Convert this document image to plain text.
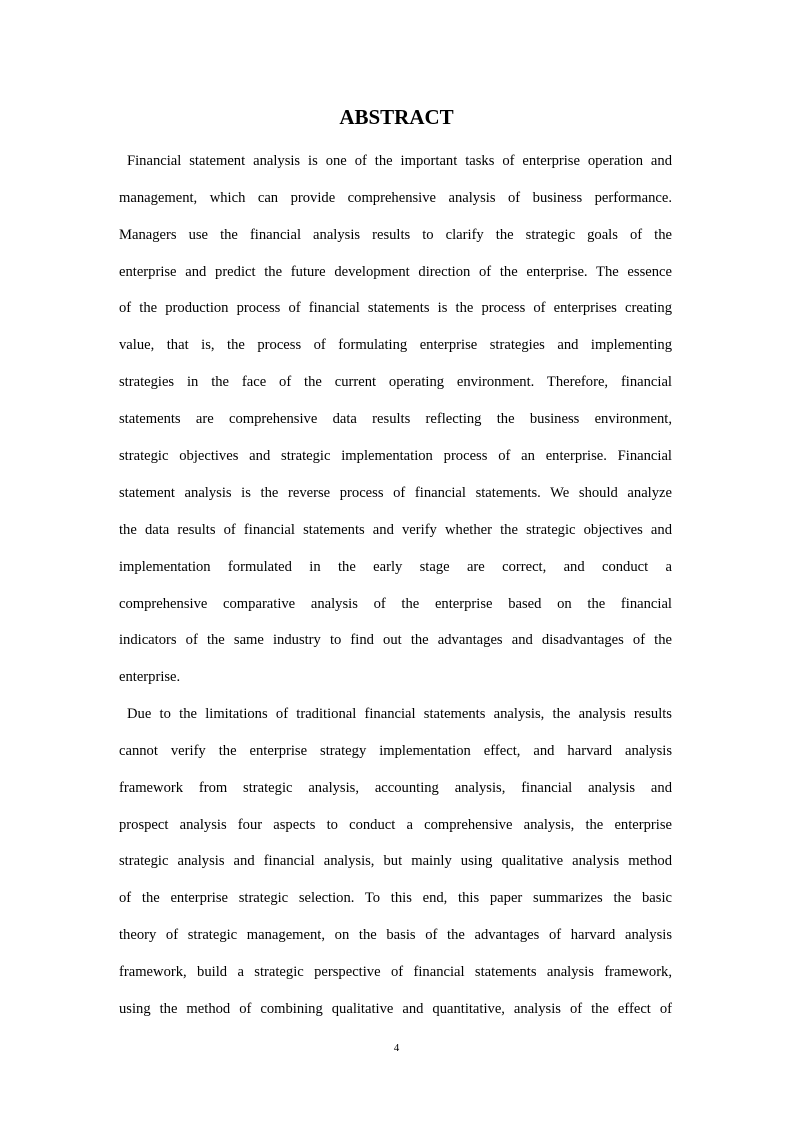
ABSTRACT
Financial statement analysis is one of the important tasks of enterprise operation and
management, which can provide comprehensive analysis of business performance.
Managers use the financial analysis results to clarify the strategic goals of the
enterprise and predict the future development direction of the enterprise. The essence
of the production process of financial statements is the process of enterprises creating
value, that is, the process of formulating enterprise strategies and implementing
strategies in the face of the current operating environment. Therefore, financial
statements are comprehensive data results reflecting the business environment,
strategic objectives and strategic implementation process of an enterprise. Financial
statement analysis is the reverse process of financial statements. We should analyze
the data results of financial statements and verify whether the strategic objectives and
implementation formulated in the early stage are correct, and conduct a
comprehensive comparative analysis of the enterprise based on the financial
indicators of the same industry to find out the advantages and disadvantages of the
enterprise.
Due to the limitations of traditional financial statements analysis, the analysis results
cannot verify the enterprise strategy implementation effect, and harvard analysis
framework from strategic analysis, accounting analysis, financial analysis and
prospect analysis four aspects to conduct a comprehensive analysis, the enterprise
strategic analysis and financial analysis, but mainly using qualitative analysis method
of the enterprise strategic selection. To this end, this paper summarizes the basic
theory of strategic management, on the basis of the advantages of harvard analysis
framework, build a strategic perspective of financial statements analysis framework,
using the method of combining qualitative and quantitative, analysis of the effect of
4
